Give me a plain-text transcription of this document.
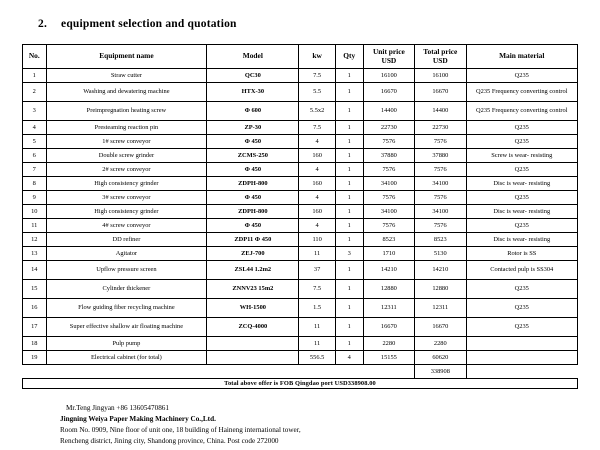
2. equipment selection and quotation
No.	Equipment name	Model	kw	Qty	Unit price USD	Total price USD	Main material
1	Straw cutter	QC30	7.5	1	16100	16100	Q235
2	Washing and dewatering machine	HTX-30	5.5	1	16670	16670	Q235 Frequency converting control
3	Preimpregnation heating screw	Φ 600	5.5x2	1	14400	14400	Q235 Frequency converting control
4	Presteaming reaction pin	ZP-30	7.5	1	22730	22730	Q235
5	1# screw conveyor	Φ 450	4	1	7576	7576	Q235
6	Double screw grinder	ZCMS-250	160	1	37880	37880	Screw is wear- resisting
7	2# screw conveyor	Φ 450	4	1	7576	7576	Q235
8	High consistency grinder	ZDPH-800	160	1	34100	34100	Disc is wear- resisting
9	3# screw conveyor	Φ 450	4	1	7576	7576	Q235
10	High consistency grinder	ZDPH-800	160	1	34100	34100	Disc is wear- resisting
11	4# screw conveyor	Φ 450	4	1	7576	7576	Q235
12	DD refiner	ZDP11 Φ 450	110	1	8523	8523	Disc is wear- resisting
13	Agitator	ZEJ-700	11	3	1710	5130	Rotor is SS
14	Upflow pressure screen	ZSL44 1.2m2	37	1	14210	14210	Contacted pulp is SS304
15	Cylinder thickener	ZNNV23 15m2	7.5	1	12880	12880	Q235
16	Flow guiding fiber recycling machine	WH-1500	1.5	1	12311	12311	Q235
17	Super effective shallow air floating machine	ZCQ-4000	11	1	16670	16670	Q235
18	Pulp pump		11	1	2280	2280	
19	Electrical cabinet (for total)		556.5	4	15155	60620	
						338908	
Total above offer is FOB Qingdao port USD338908.00							
Mr.Teng Jingyan +86 13605470861
Jingning Weiya Paper Making Machinery Co.,Ltd.
Room No. 0909, Nine floor of unit one, 18 building of Haineng international tower,
Rencheng district, Jining city, Shandong province, China. Post code 272000
